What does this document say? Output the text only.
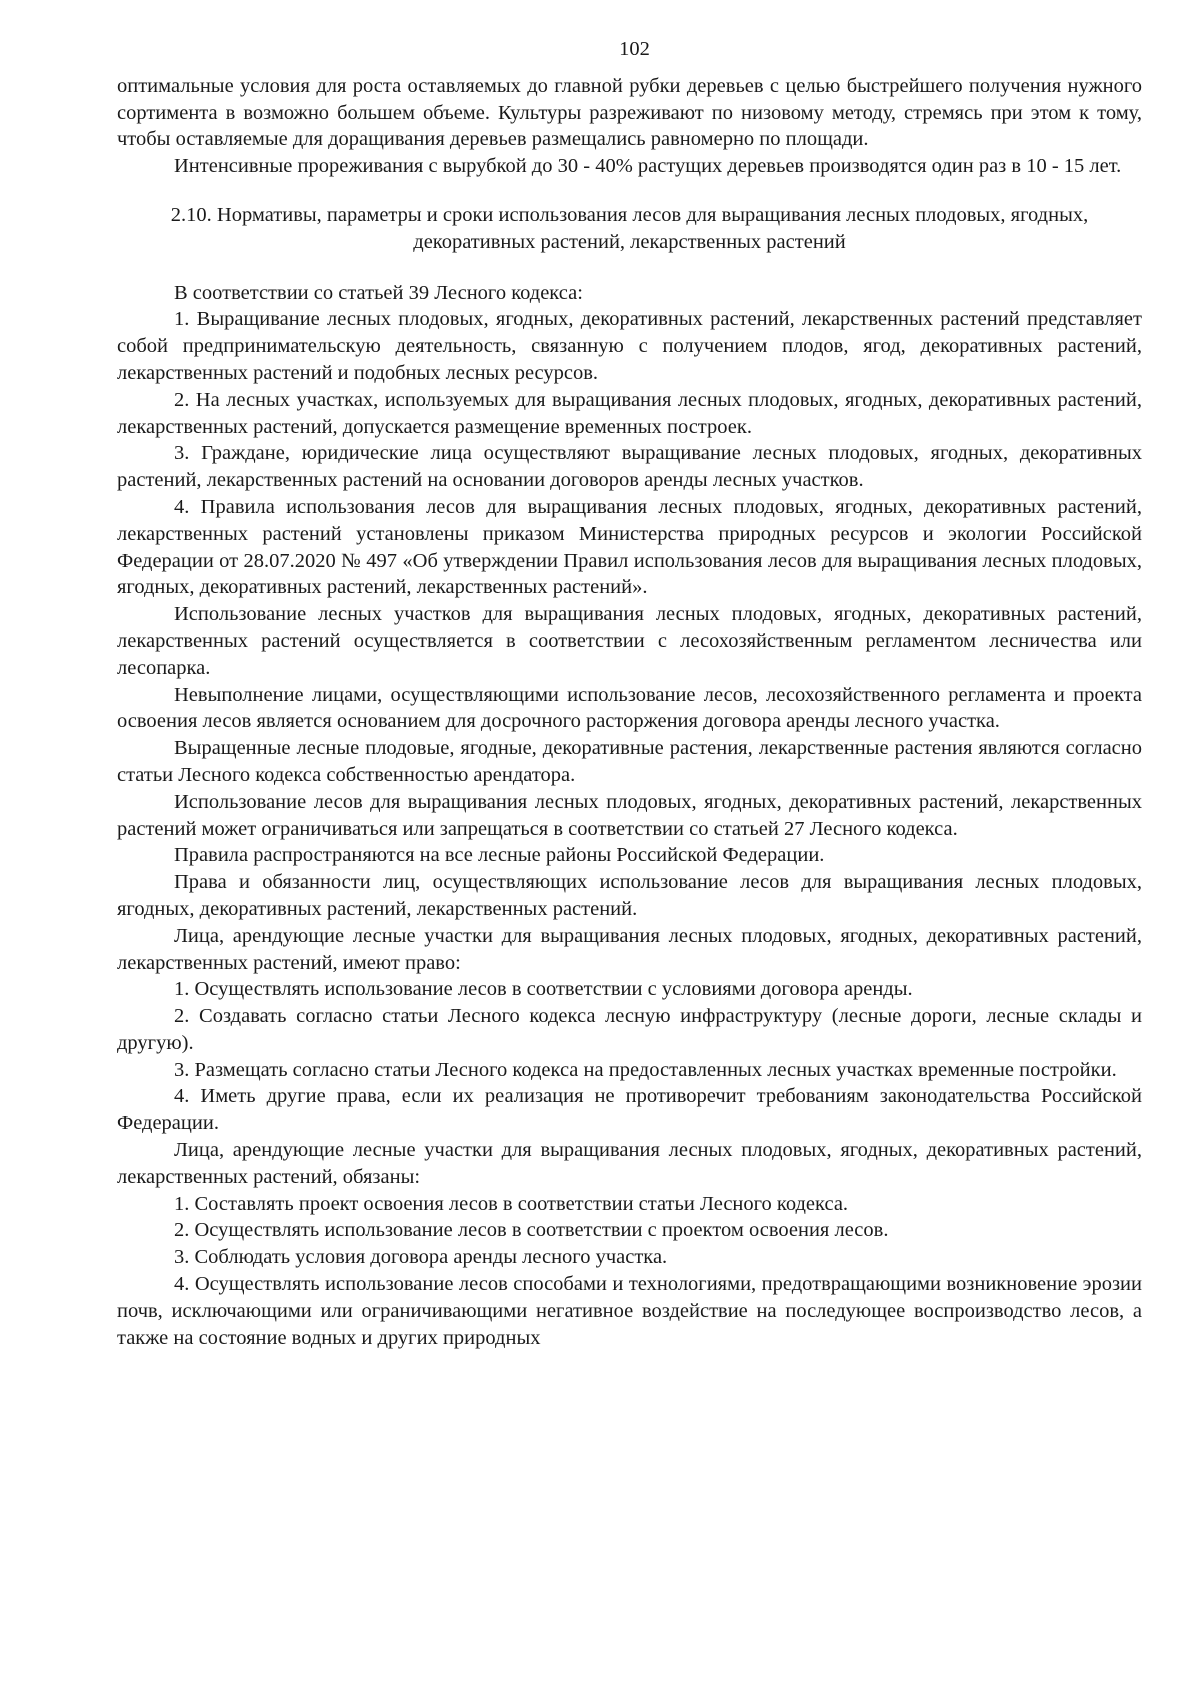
102

оптимальные условия для роста оставляемых до главной рубки деревьев с целью быстрейшего получения нужного сортимента в возможно большем объеме. Культуры разреживают по низовому методу, стремясь при этом к тому, чтобы оставляемые для доращивания деревьев размещались равномерно по площади.

Интенсивные прореживания с вырубкой до 30 - 40% растущих деревьев производятся один раз в 10 - 15 лет.

2.10. Нормативы, параметры и сроки использования лесов для выращивания лесных плодовых, ягодных, декоративных растений, лекарственных растений

В соответствии со статьей 39 Лесного кодекса:

1. Выращивание лесных плодовых, ягодных, декоративных растений, лекарственных растений представляет собой предпринимательскую деятельность, связанную с получением плодов, ягод, декоративных растений, лекарственных растений и подобных лесных ресурсов.

2. На лесных участках, используемых для выращивания лесных плодовых, ягодных, декоративных растений, лекарственных растений, допускается размещение временных построек.

3. Граждане, юридические лица осуществляют выращивание лесных плодовых, ягодных, декоративных растений, лекарственных растений на основании договоров аренды лесных участков.

4. Правила использования лесов для выращивания лесных плодовых, ягодных, декоративных растений, лекарственных растений установлены приказом Министерства природных ресурсов и экологии Российской Федерации от 28.07.2020 № 497 «Об утверждении Правил использования лесов для выращивания лесных плодовых, ягодных, декоративных растений, лекарственных растений».

Использование лесных участков для выращивания лесных плодовых, ягодных, декоративных растений, лекарственных растений осуществляется в соответствии с лесохозяйственным регламентом лесничества или лесопарка.

Невыполнение лицами, осуществляющими использование лесов, лесохозяйственного регламента и проекта освоения лесов является основанием для досрочного расторжения договора аренды лесного участка.

Выращенные лесные плодовые, ягодные, декоративные растения, лекарственные растения являются согласно статьи Лесного кодекса собственностью арендатора.

Использование лесов для выращивания лесных плодовых, ягодных, декоративных растений, лекарственных растений может ограничиваться или запрещаться в соответствии со статьей 27 Лесного кодекса.

Правила распространяются на все лесные районы Российской Федерации.

Права и обязанности лиц, осуществляющих использование лесов для выращивания лесных плодовых, ягодных, декоративных растений, лекарственных растений.

Лица, арендующие лесные участки для выращивания лесных плодовых, ягодных, декоративных растений, лекарственных растений, имеют право:

1. Осуществлять использование лесов в соответствии с условиями договора аренды.

2. Создавать согласно статьи Лесного кодекса лесную инфраструктуру (лесные дороги, лесные склады и другую).

3. Размещать согласно статьи Лесного кодекса на предоставленных лесных участках временные постройки.

4. Иметь другие права, если их реализация не противоречит требованиям законодательства Российской Федерации.

Лица, арендующие лесные участки для выращивания лесных плодовых, ягодных, декоративных растений, лекарственных растений, обязаны:

1. Составлять проект освоения лесов в соответствии статьи Лесного кодекса.

2. Осуществлять использование лесов в соответствии с проектом освоения лесов.

3. Соблюдать условия договора аренды лесного участка.

4. Осуществлять использование лесов способами и технологиями, предотвращающими возникновение эрозии почв, исключающими или ограничивающими негативное воздействие на последующее воспроизводство лесов, а также на состояние водных и других природных
